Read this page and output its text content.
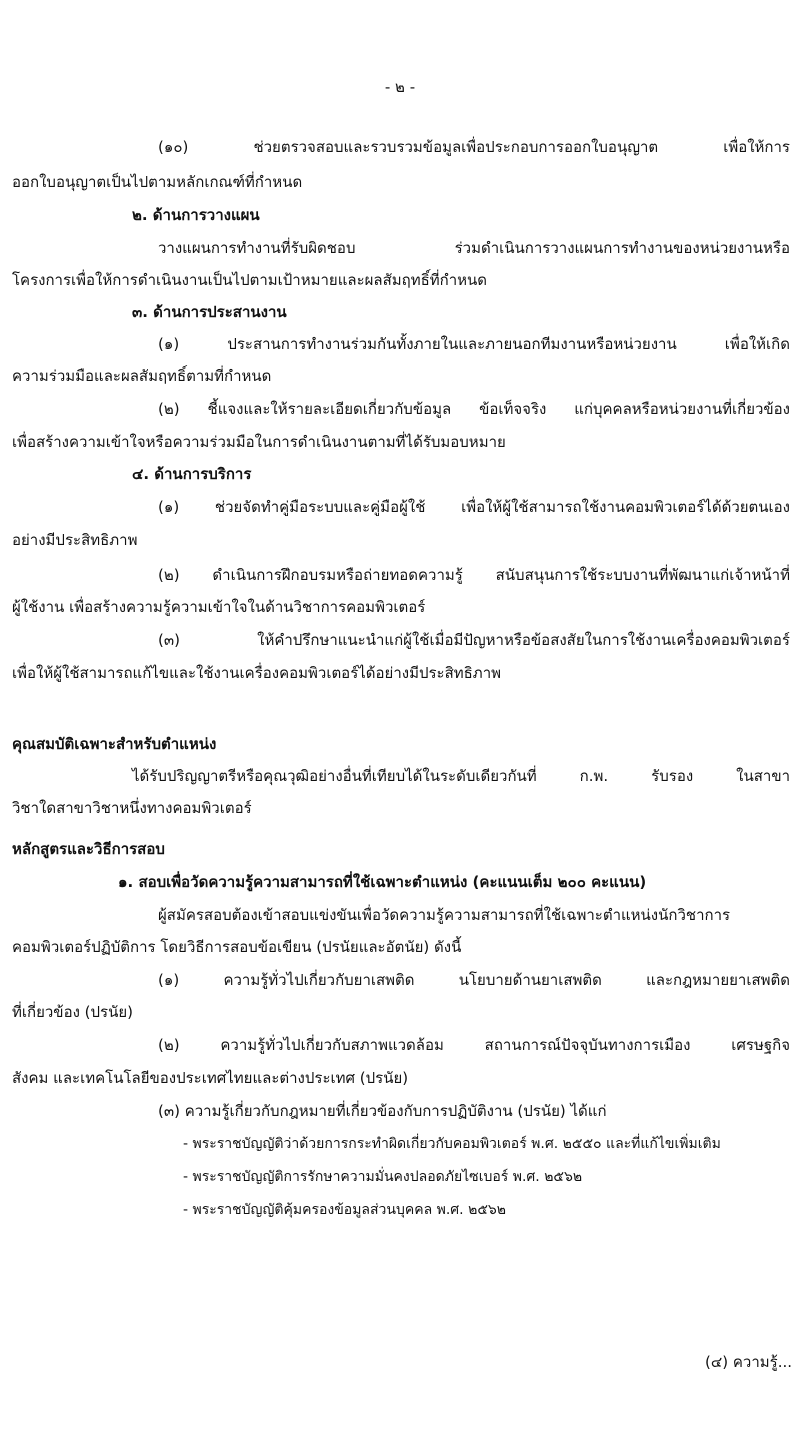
- ๒ -
(๑๐) ช่วยตรวจสอบและรวบรวมข้อมูลเพื่อประกอบการออกใบอนุญาต เพื่อให้การ
ออกใบอนุญาตเป็นไปตามหลักเกณฑ์ที่กำหนด
๒. ด้านการวางแผน
วางแผนการทำงานที่รับผิดชอบ ร่วมดำเนินการวางแผนการทำงานของหน่วยงานหรือ
โครงการเพื่อให้การดำเนินงานเป็นไปตามเป้าหมายและผลสัมฤทธิ์ที่กำหนด
๓. ด้านการประสานงาน
(๑) ประสานการทำงานร่วมกันทั้งภายในและภายนอกทีมงานหรือหน่วยงาน เพื่อให้เกิด
ความร่วมมือและผลสัมฤทธิ์ตามที่กำหนด
(๒) ชี้แจงและให้รายละเอียดเกี่ยวกับข้อมูล ข้อเท็จจริง แก่บุคคลหรือหน่วยงานที่เกี่ยวข้อง
เพื่อสร้างความเข้าใจหรือความร่วมมือในการดำเนินงานตามที่ได้รับมอบหมาย
๔. ด้านการบริการ
(๑) ช่วยจัดทำคู่มือระบบและคู่มือผู้ใช้ เพื่อให้ผู้ใช้สามารถใช้งานคอมพิวเตอร์ได้ด้วยตนเอง
อย่างมีประสิทธิภาพ
(๒) ดำเนินการฝึกอบรมหรือถ่ายทอดความรู้ สนับสนุนการใช้ระบบงานที่พัฒนาแก่เจ้าหน้าที่
ผู้ใช้งาน เพื่อสร้างความรู้ความเข้าใจในด้านวิชาการคอมพิวเตอร์
(๓) ให้คำปรึกษาแนะนำแก่ผู้ใช้เมื่อมีปัญหาหรือข้อสงสัยในการใช้งานเครื่องคอมพิวเตอร์
เพื่อให้ผู้ใช้สามารถแก้ไขและใช้งานเครื่องคอมพิวเตอร์ได้อย่างมีประสิทธิภาพ
คุณสมบัติเฉพาะสำหรับตำแหน่ง
ได้รับปริญญาตรีหรือคุณวุฒิอย่างอื่นที่เทียบได้ในระดับเดียวกันที่ ก.พ. รับรอง ในสาขา
วิชาใดสาขาวิชาหนึ่งทางคอมพิวเตอร์
หลักสูตรและวิธีการสอบ
๑. สอบเพื่อวัดความรู้ความสามารถที่ใช้เฉพาะตำแหน่ง (คะแนนเต็ม ๒๐๐ คะแนน)
ผู้สมัครสอบต้องเข้าสอบแข่งขันเพื่อวัดความรู้ความสามารถที่ใช้เฉพาะตำแหน่งนักวิชาการ
คอมพิวเตอร์ปฏิบัติการ โดยวิธีการสอบข้อเขียน (ปรนัยและอัตนัย) ดังนี้
(๑) ความรู้ทั่วไปเกี่ยวกับยาเสพติด นโยบายด้านยาเสพติด และกฎหมายยาเสพติด
ที่เกี่ยวข้อง (ปรนัย)
(๒) ความรู้ทั่วไปเกี่ยวกับสภาพแวดล้อม สถานการณ์ปัจจุบันทางการเมือง เศรษฐกิจ
สังคม และเทคโนโลยีของประเทศไทยและต่างประเทศ (ปรนัย)
(๓) ความรู้เกี่ยวกับกฎหมายที่เกี่ยวข้องกับการปฏิบัติงาน (ปรนัย) ได้แก่
- พระราชบัญญัติว่าด้วยการกระทำผิดเกี่ยวกับคอมพิวเตอร์ พ.ศ. ๒๕๕๐ และที่แก้ไขเพิ่มเติม
- พระราชบัญญัติการรักษาความมั่นคงปลอดภัยไซเบอร์ พ.ศ. ๒๕๖๒
- พระราชบัญญัติคุ้มครองข้อมูลส่วนบุคคล พ.ศ. ๒๕๖๒
(๔) ความรู้...
